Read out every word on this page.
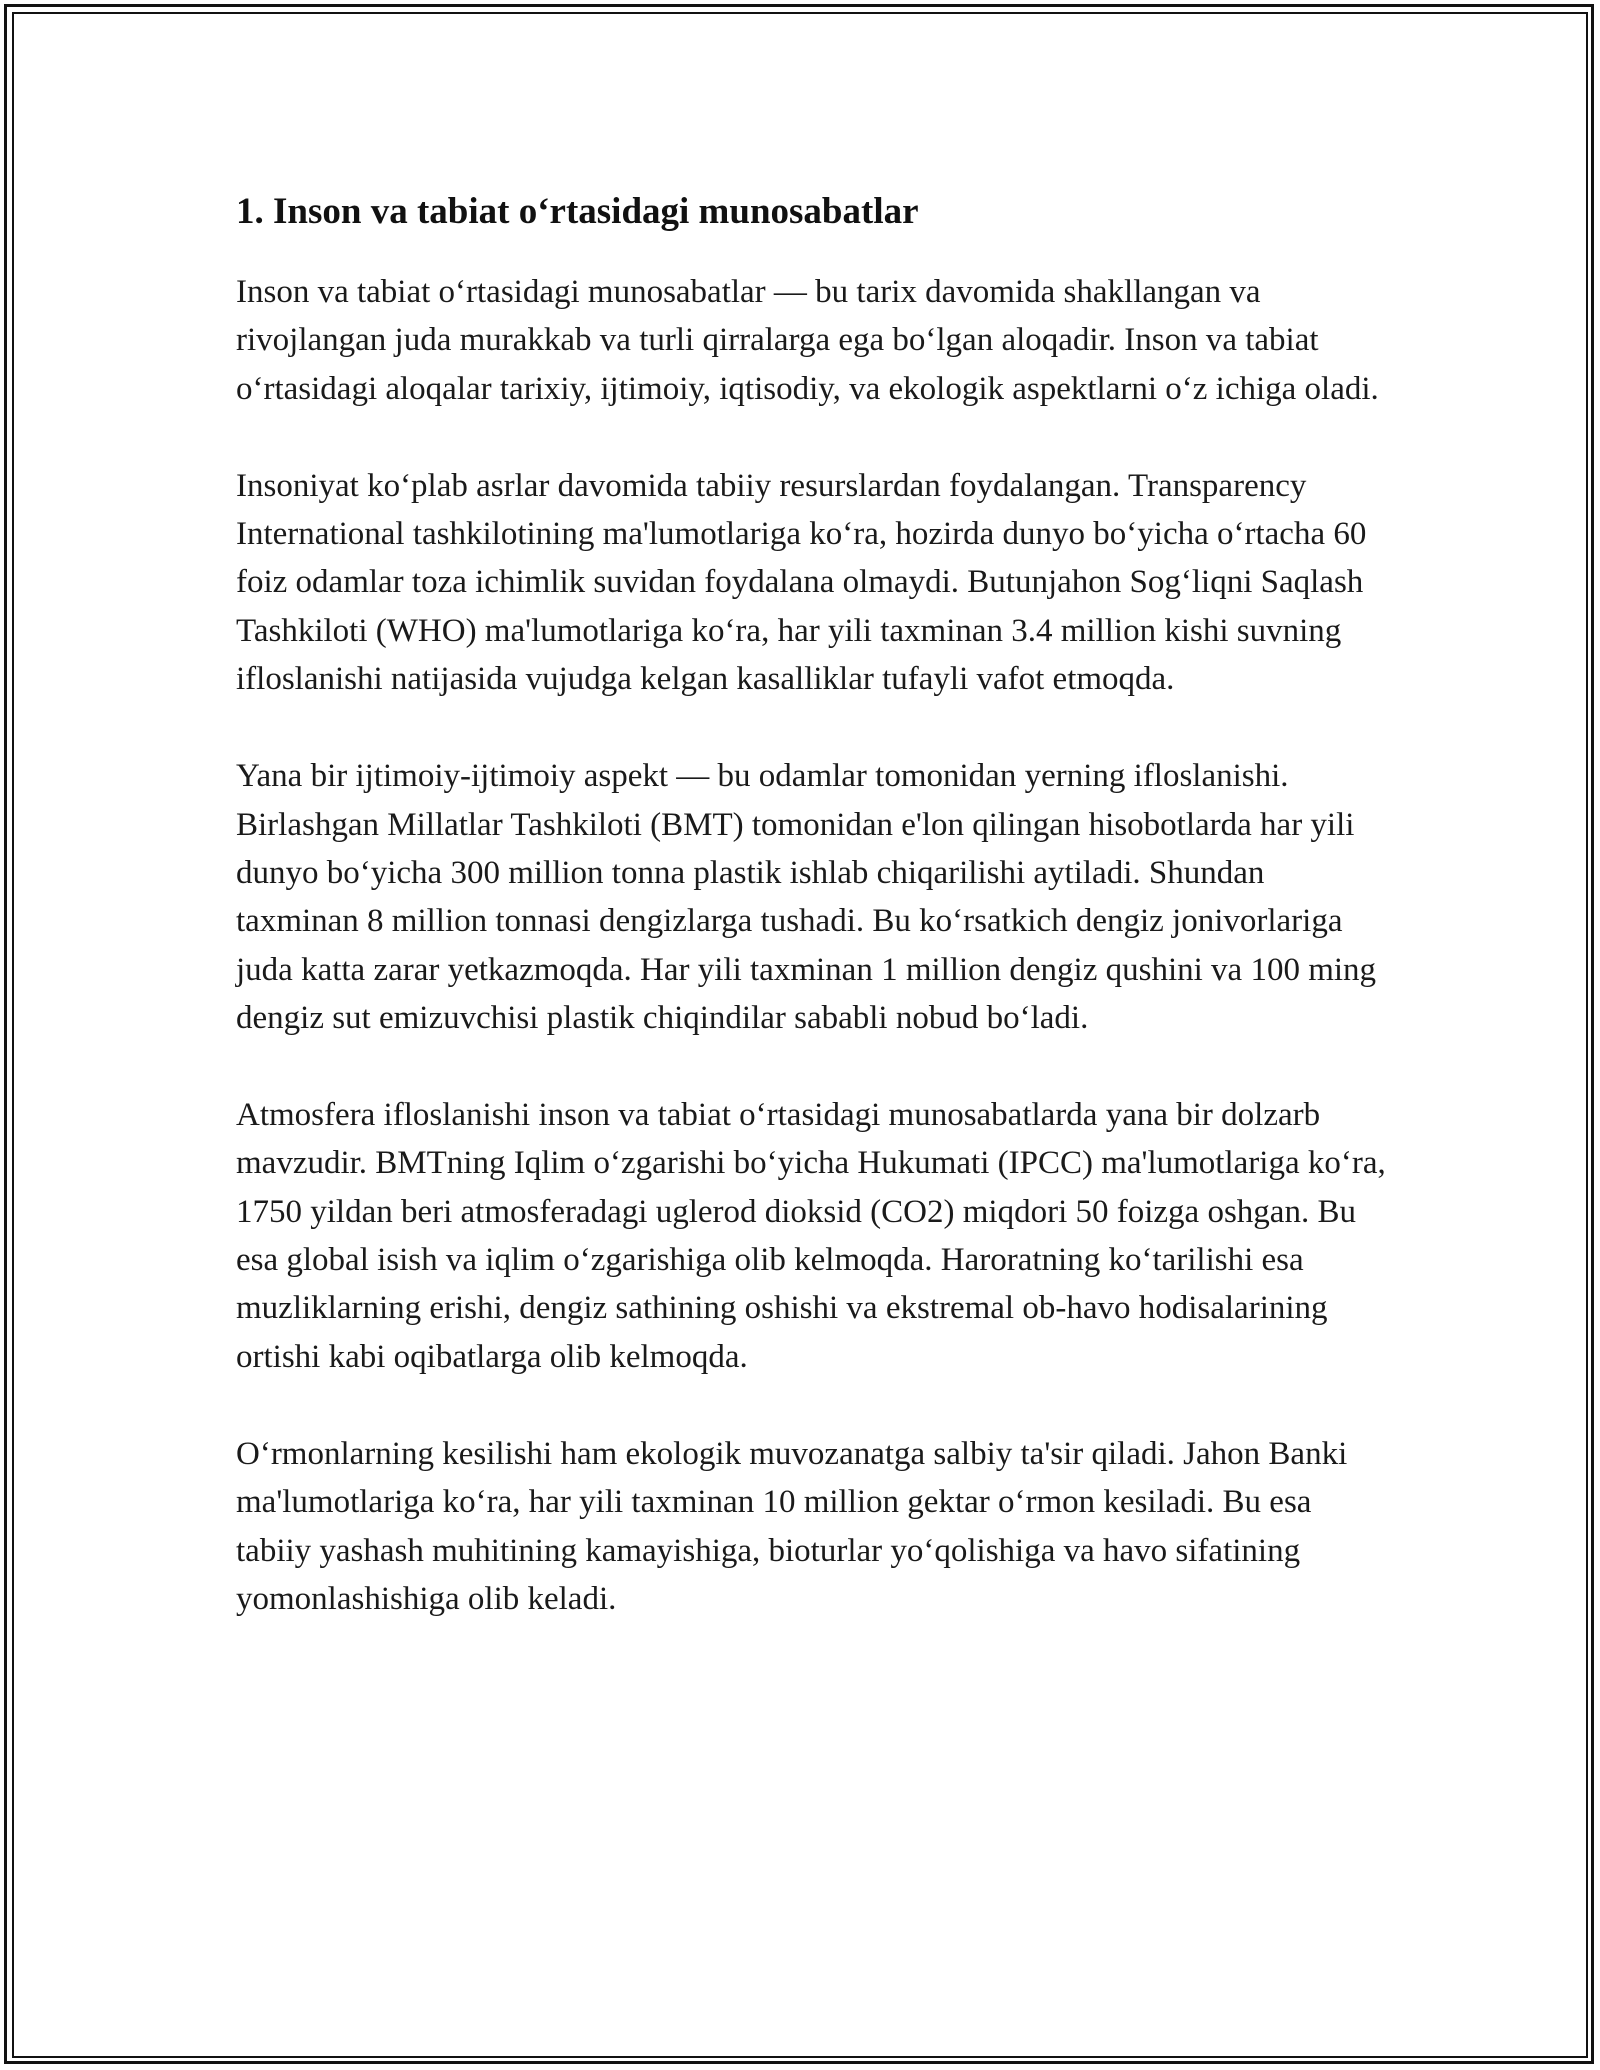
1. Inson va tabiat o‘rtasidagi munosabatlar

Inson va tabiat o‘rtasidagi munosabatlar — bu tarix davomida shakllangan va rivojlangan juda murakkab va turli qirralarga ega bo‘lgan aloqadir. Inson va tabiat o‘rtasidagi aloqalar tarixiy, ijtimoiy, iqtisodiy, va ekologik aspektlarni o‘z ichiga oladi.

Insoniyat ko‘plab asrlar davomida tabiiy resurslardan foydalangan. Transparency International tashkilotining ma'lumotlariga ko‘ra, hozirda dunyo bo‘yicha o‘rtacha 60 foiz odamlar toza ichimlik suvidan foydalana olmaydi. Butunjahon Sog‘liqni Saqlash Tashkiloti (WHO) ma'lumotlariga ko‘ra, har yili taxminan 3.4 million kishi suvning ifloslanishi natijasida vujudga kelgan kasalliklar tufayli vafot etmoqda.

Yana bir ijtimoiy-ijtimoiy aspekt — bu odamlar tomonidan yerning ifloslanishi. Birlashgan Millatlar Tashkiloti (BMT) tomonidan e'lon qilingan hisobotlarda har yili dunyo bo‘yicha 300 million tonna plastik ishlab chiqarilishi aytiladi. Shundan taxminan 8 million tonnasi dengizlarga tushadi. Bu ko‘rsatkich dengiz jonivorlariga juda katta zarar yetkazmoqda. Har yili taxminan 1 million dengiz qushini va 100 ming dengiz sut emizuvchisi plastik chiqindilar sababli nobud bo‘ladi.

Atmosfera ifloslanishi inson va tabiat o‘rtasidagi munosabatlarda yana bir dolzarb mavzudir. BMTning Iqlim o‘zgarishi bo‘yicha Hukumati (IPCC) ma'lumotlariga ko‘ra, 1750 yildan beri atmosferadagi uglerod dioksid (CO2) miqdori 50 foizga oshgan. Bu esa global isish va iqlim o‘zgarishiga olib kelmoqda. Haroratning ko‘tarilishi esa muzliklarning erishi, dengiz sathining oshishi va ekstremal ob-havo hodisalarining ortishi kabi oqibatlarga olib kelmoqda.

O‘rmonlarning kesilishi ham ekologik muvozanatga salbiy ta'sir qiladi. Jahon Banki ma'lumotlariga ko‘ra, har yili taxminan 10 million gektar o‘rmon kesiladi. Bu esa tabiiy yashash muhitining kamayishiga, bioturlar yo‘qolishiga va havo sifatining yomonlashishiga olib keladi.
